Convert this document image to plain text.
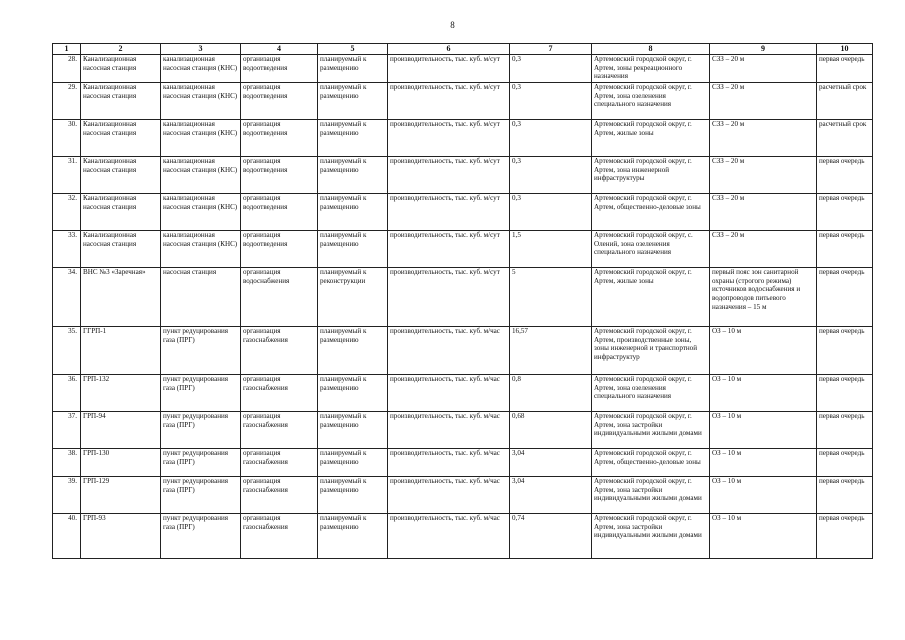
8
1	2	3	4	5	6	7	8	9	10
28.	Канализационная насосная станция	канализационная насосная станция (КНС)	организация водоотведения	планируемый к размещению	производительность, тыс. куб. м/сут	0,3	Артемовский городской округ, г. Артем, зоны рекреационного назначения	СЗЗ – 20 м	первая очередь
29.	Канализационная насосная станция	канализационная насосная станция (КНС)	организация водоотведения	планируемый к размещению	производительность, тыс. куб. м/сут	0,3	Артемовский городской округ, г. Артем, зона озеленения специального назначения	СЗЗ – 20 м	расчетный срок
30.	Канализационная насосная станция	канализационная насосная станция (КНС)	организация водоотведения	планируемый к размещению	производительность, тыс. куб. м/сут	0,3	Артемовский городской округ, г. Артем, жилые зоны	СЗЗ – 20 м	расчетный срок
31.	Канализационная насосная станция	канализационная насосная станция (КНС)	организация водоотведения	планируемый к размещению	производительность, тыс. куб. м/сут	0,3	Артемовский городской округ, г. Артем, зона инженерной инфраструктуры	СЗЗ – 20 м	первая очередь
32.	Канализационная насосная станция	канализационная насосная станция (КНС)	организация водоотведения	планируемый к размещению	производительность, тыс. куб. м/сут	0,3	Артемовский городской округ, г. Артем, общественно-деловые зоны	СЗЗ – 20 м	первая очередь
33.	Канализационная насосная станция	канализационная насосная станция (КНС)	организация водоотведения	планируемый к размещению	производительность, тыс. куб. м/сут	1,5	Артемовский городской округ, с. Олений, зона озеленения специального назначения	СЗЗ – 20 м	первая очередь
34.	ВНС №3 «Заречная»	насосная станция	организация водоснабжения	планируемый к реконструкции	производительность, тыс. куб. м/сут	5	Артемовский городской округ, г. Артем, жилые зоны	первый пояс зон санитарной охраны (строгого режима) источников водоснабжения и водопроводов питьевого назначения – 15 м	первая очередь
35.	ГГРП-1	пункт редуцирования газа (ПРГ)	организация газоснабжения	планируемый к размещению	производительность, тыс. куб. м/час	16,57	Артемовский городской округ, г. Артем, производственные зоны, зоны инженерной и транспортной инфраструктур	ОЗ – 10 м	первая очередь
36.	ГРП-132	пункт редуцирования газа (ПРГ)	организация газоснабжения	планируемый к размещению	производительность, тыс. куб. м/час	0,8	Артемовский городской округ, г. Артем, зона озеленения специального назначения	ОЗ – 10 м	первая очередь
37.	ГРП-94	пункт редуцирования газа (ПРГ)	организация газоснабжения	планируемый к размещению	производительность, тыс. куб. м/час	0,68	Артемовский городской округ, г. Артем, зона застройки индивидуальными жилыми домами	ОЗ – 10 м	первая очередь
38.	ГРП-130	пункт редуцирования газа (ПРГ)	организация газоснабжения	планируемый к размещению	производительность, тыс. куб. м/час	3,04	Артемовский городской округ, г. Артем, общественно-деловые зоны	ОЗ – 10 м	первая очередь
39.	ГРП-129	пункт редуцирования газа (ПРГ)	организация газоснабжения	планируемый к размещению	производительность, тыс. куб. м/час	3,04	Артемовский городской округ, г. Артем, зона застройки индивидуальными жилыми домами	ОЗ – 10 м	первая очередь
40.	ГРП-93	пункт редуцирования газа (ПРГ)	организация газоснабжения	планируемый к размещению	производительность, тыс. куб. м/час	0,74	Артемовский городской округ, г. Артем, зона застройки индивидуальными жилыми домами	ОЗ – 10 м	первая очередь
